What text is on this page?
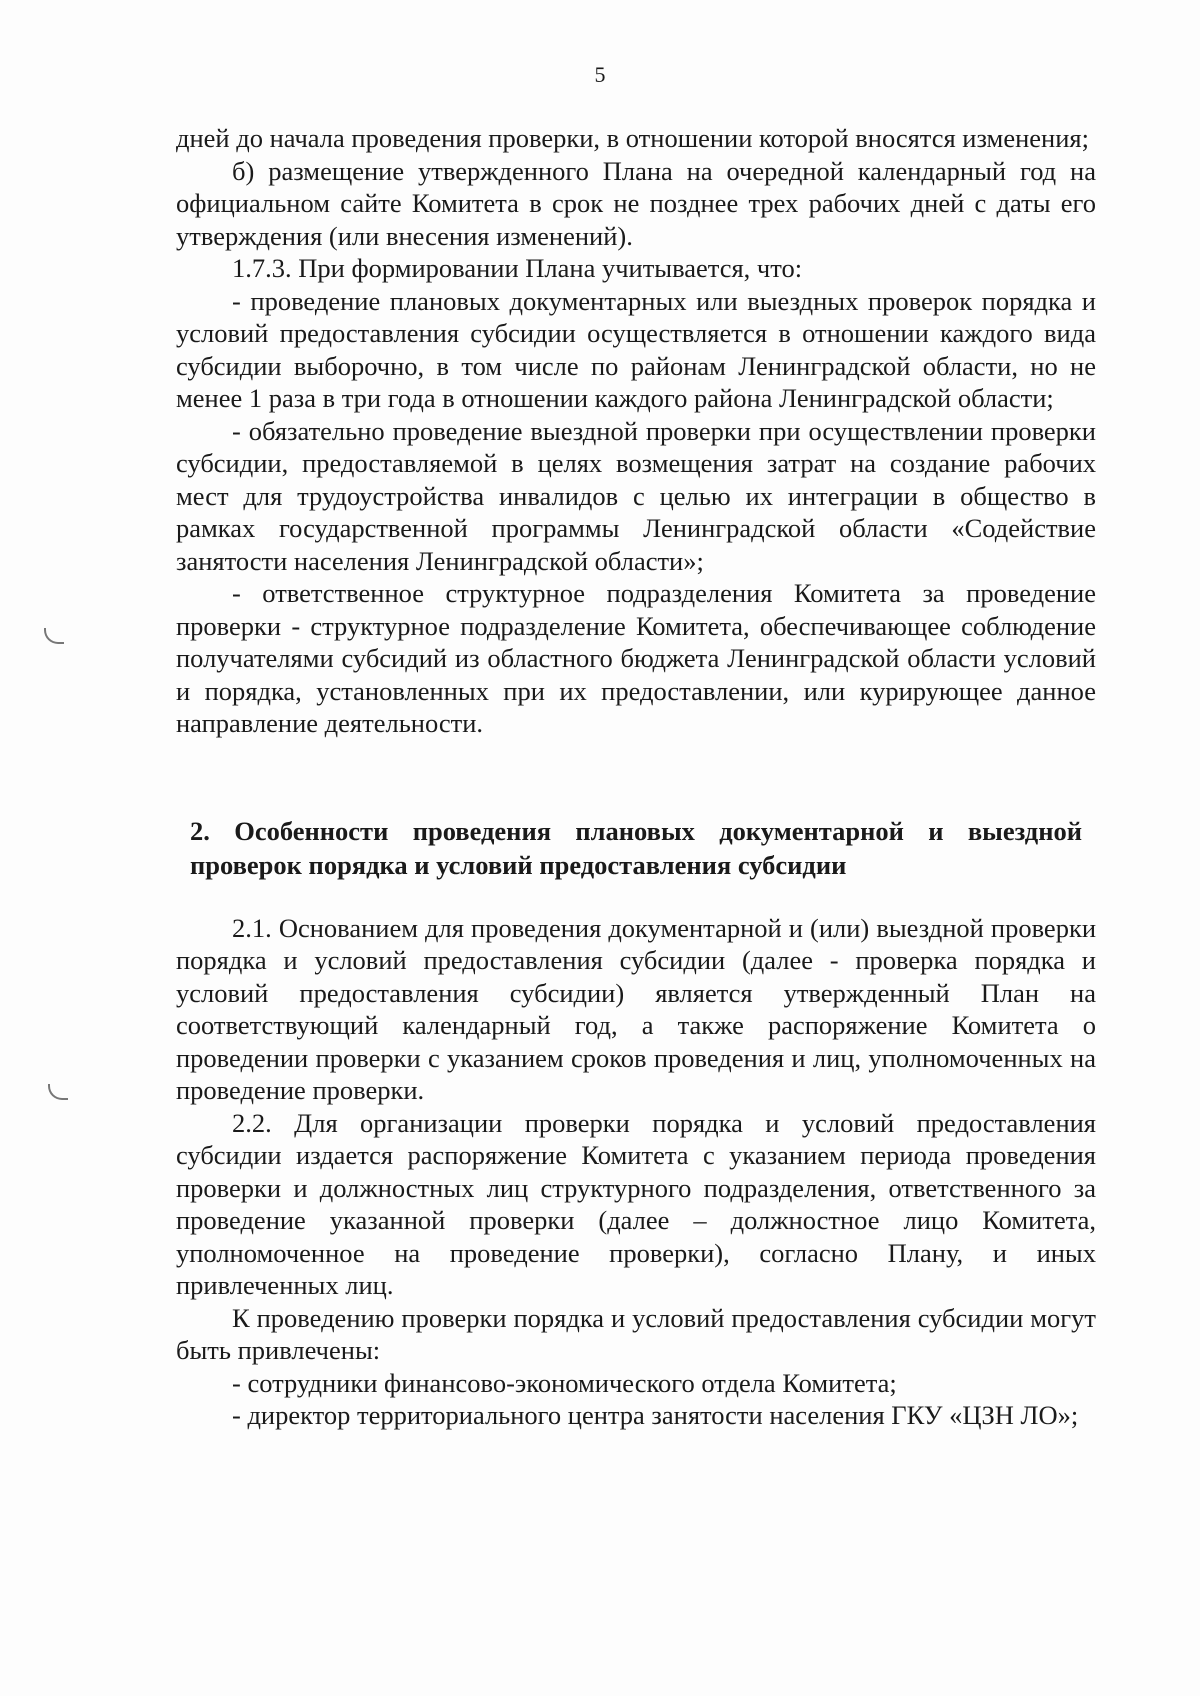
5

дней до начала проведения проверки, в отношении которой вносятся изменения;

б) размещение утвержденного Плана на очередной календарный год на официальном сайте Комитета в срок не позднее трех рабочих дней с даты его утверждения (или внесения изменений).

1.7.3. При формировании Плана учитывается, что:

- проведение плановых документарных или выездных проверок порядка и условий предоставления субсидии осуществляется в отношении каждого вида субсидии выборочно, в том числе по районам Ленинградской области, но не менее 1 раза в три года в отношении каждого района Ленинградской области;

- обязательно проведение выездной проверки при осуществлении проверки субсидии, предоставляемой в целях возмещения затрат на создание рабочих мест для трудоустройства инвалидов с целью их интеграции в общество в рамках государственной программы Ленинградской области «Содействие занятости населения Ленинградской области»;

- ответственное структурное подразделения Комитета за проведение проверки - структурное подразделение Комитета, обеспечивающее соблюдение получателями субсидий из областного бюджета Ленинградской области условий и порядка, установленных при их предоставлении, или курирующее данное направление деятельности.

2. Особенности проведения плановых документарной и выездной проверок порядка и условий предоставления субсидии

2.1. Основанием для проведения документарной и (или) выездной проверки порядка и условий предоставления субсидии (далее - проверка порядка и условий предоставления субсидии) является утвержденный План на соответствующий календарный год, а также распоряжение Комитета о проведении проверки с указанием сроков проведения и лиц, уполномоченных на проведение проверки.

2.2. Для организации проверки порядка и условий предоставления субсидии издается распоряжение Комитета с указанием периода проведения проверки и должностных лиц структурного подразделения, ответственного за проведение указанной проверки (далее – должностное лицо Комитета, уполномоченное на проведение проверки), согласно Плану, и иных привлеченных лиц.

К проведению проверки порядка и условий предоставления субсидии могут быть привлечены:

- сотрудники финансово-экономического отдела Комитета;

- директор территориального центра занятости населения ГКУ «ЦЗН ЛО»;
